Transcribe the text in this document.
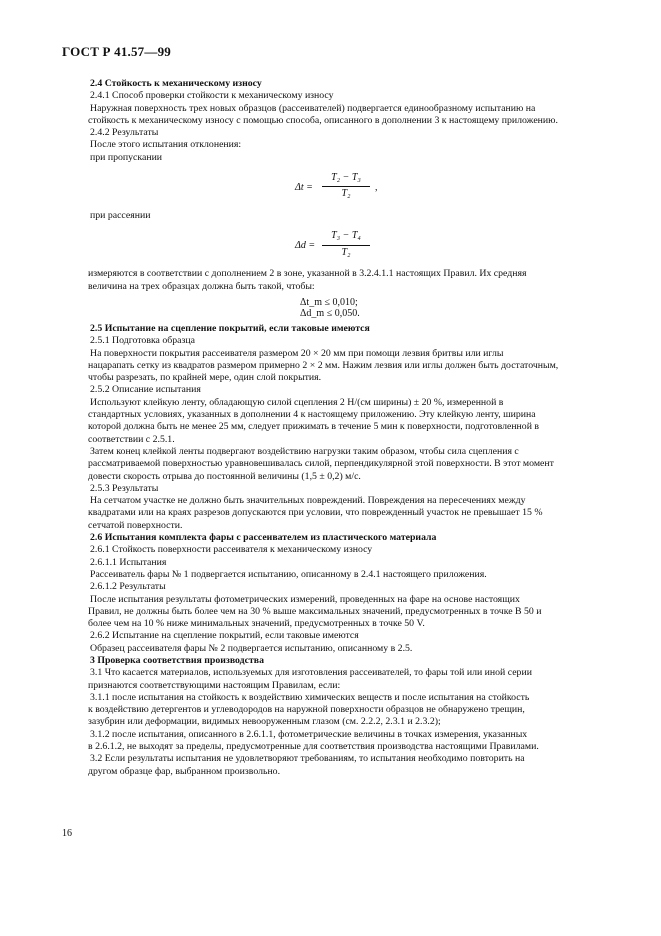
ГОСТ Р 41.57—99

2.4 Стойкость к механическому износу

2.4.1 Способ проверки стойкости к механическому износу

Наружная поверхность трех новых образцов (рассеивателей) подвергается единообразному испытанию на

стойкость к механическому износу с помощью способа, описанного в дополнении 3 к настоящему приложению.

2.4.2 Результаты

После этого испытания отклонения:

при пропускании

$\Delta t = \frac{\text{T₂ − T₃}}{\text{T₂}}$ ,

при рассеянии

$\Delta d = \frac{\text{T₃ − T₄}}{\text{T₂}}$

измеряются в соответствии с дополнением 2 в зоне, указанной в 3.2.4.1.1 настоящих Правил. Их средняя

величина на трех образцах должна быть такой, чтобы:

Δt_m ≤ 0,010;
Δd_m ≤ 0,050.

2.5 Испытание на сцепление покрытий, если таковые имеются

2.5.1 Подготовка образца

На поверхности покрытия рассеивателя размером 20 × 20 мм при помощи лезвия бритвы или иглы

нацарапать сетку из квадратов размером примерно 2 × 2 мм. Нажим лезвия или иглы должен быть достаточным,

чтобы разрезать, по крайней мере, один слой покрытия.

2.5.2 Описание испытания

Используют клейкую ленту, обладающую силой сцепления 2 Н/(см ширины) ± 20 %, измеренной в

стандартных условиях, указанных в дополнении 4 к настоящему приложению. Эту клейкую ленту, ширина

которой должна быть не менее 25 мм, следует прижимать в течение 5 мин к поверхности, подготовленной в

соответствии с 2.5.1.

Затем конец клейкой ленты подвергают воздействию нагрузки таким образом, чтобы сила сцепления с

рассматриваемой поверхностью уравновешивалась силой, перпендикулярной этой поверхности. В этот момент

довести скорость отрыва до постоянной величины (1,5 ± 0,2) м/с.

2.5.3 Результаты

На сетчатом участке не должно быть значительных повреждений. Повреждения на пересечениях между

квадратами или на краях разрезов допускаются при условии, что поврежденный участок не превышает 15 %

сетчатой поверхности.

2.6 Испытания комплекта фары с рассеивателем из пластического материала

2.6.1 Стойкость поверхности рассеивателя к механическому износу

2.6.1.1 Испытания

Рассеиватель фары № 1 подвергается испытанию, описанному в 2.4.1 настоящего приложения.

2.6.1.2 Результаты

После испытания результаты фотометрических измерений, проведенных на фаре на основе настоящих

Правил, не должны быть более чем на 30 % выше максимальных значений, предусмотренных в точке B 50 и

более чем на 10 % ниже минимальных значений, предусмотренных в точке 50 V.

2.6.2 Испытание на сцепление покрытий, если таковые имеются

Образец рассеивателя фары № 2 подвергается испытанию, описанному в 2.5.

3 Проверка соответствия производства

3.1 Что касается материалов, используемых для изготовления рассеивателей, то фары той или иной серии

признаются соответствующими настоящим Правилам, если:

3.1.1 после испытания на стойкость к воздействию химических веществ и после испытания на стойкость

к воздействию детергентов и углеводородов на наружной поверхности образцов не обнаружено трещин,

зазубрин или деформации, видимых невооруженным глазом (см. 2.2.2, 2.3.1 и 2.3.2);

3.1.2 после испытания, описанного в 2.6.1.1, фотометрические величины в точках измерения, указанных

в 2.6.1.2, не выходят за пределы, предусмотренные для соответствия производства настоящими Правилами.

3.2 Если результаты испытания не удовлетворяют требованиям, то испытания необходимо повторить на

другом образце фар, выбранном произвольно.

16
